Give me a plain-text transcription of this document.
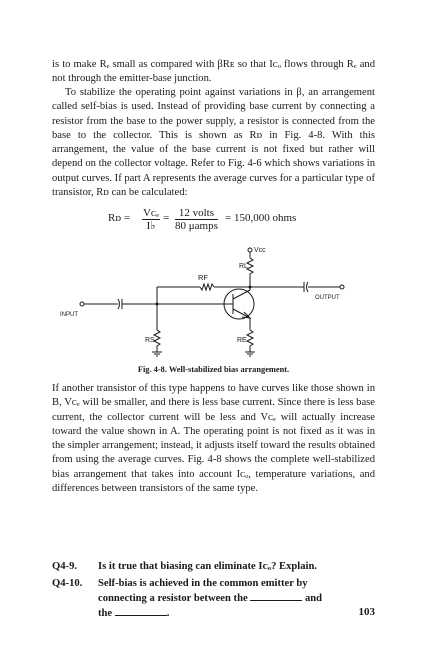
is to make Rₑ small as compared with βRᴇ so that Iᴄₒ flows through Rₑ and not through the emitter-base junction.

To stabilize the operating point against variations in β, an arrangement called self-bias is used. Instead of providing base current by connecting a resistor from the base to the power supply, a resistor is connected from the base to the collector. This is shown as Rᴅ in Fig. 4-8. With this arrangement, the value of the base current is not fixed but rather will depend on the collector voltage. Refer to Fig. 4-6 which shows variations in output curves. If part A represents the average curves for a particular type of transistor, Rᴅ can be calculated:

Rᴅ = Vᴄₑ
I♭
= 12 volts
80 μamps
= 150,000 ohms
Vcc
RF
RL
OUTPUT
INPUT
RS	RE
Fig. 4-8. Well-stabilized bias arrangement.

If another transistor of this type happens to have curves like those shown in B, Vᴄₑ will be smaller, and there is less base current. Since there is less base current, the collector current will be less and Vᴄₑ will actually increase toward the value shown in A. The operating point is not fixed as it was in the simpler arrangement; instead, it adjusts itself toward the results obtained from using the average curves. Fig. 4-8 shows the complete well-stabilized bias arrangement that takes into account Iᴄₒ, temperature variations, and differences between transistors of the same type.

Q4-9. Is it true that biasing can eliminate Iᴄₒ? Explain.
Q4-10. Self-bias is achieved in the common emitter by
connecting a resistor between the	and
the	.	103
